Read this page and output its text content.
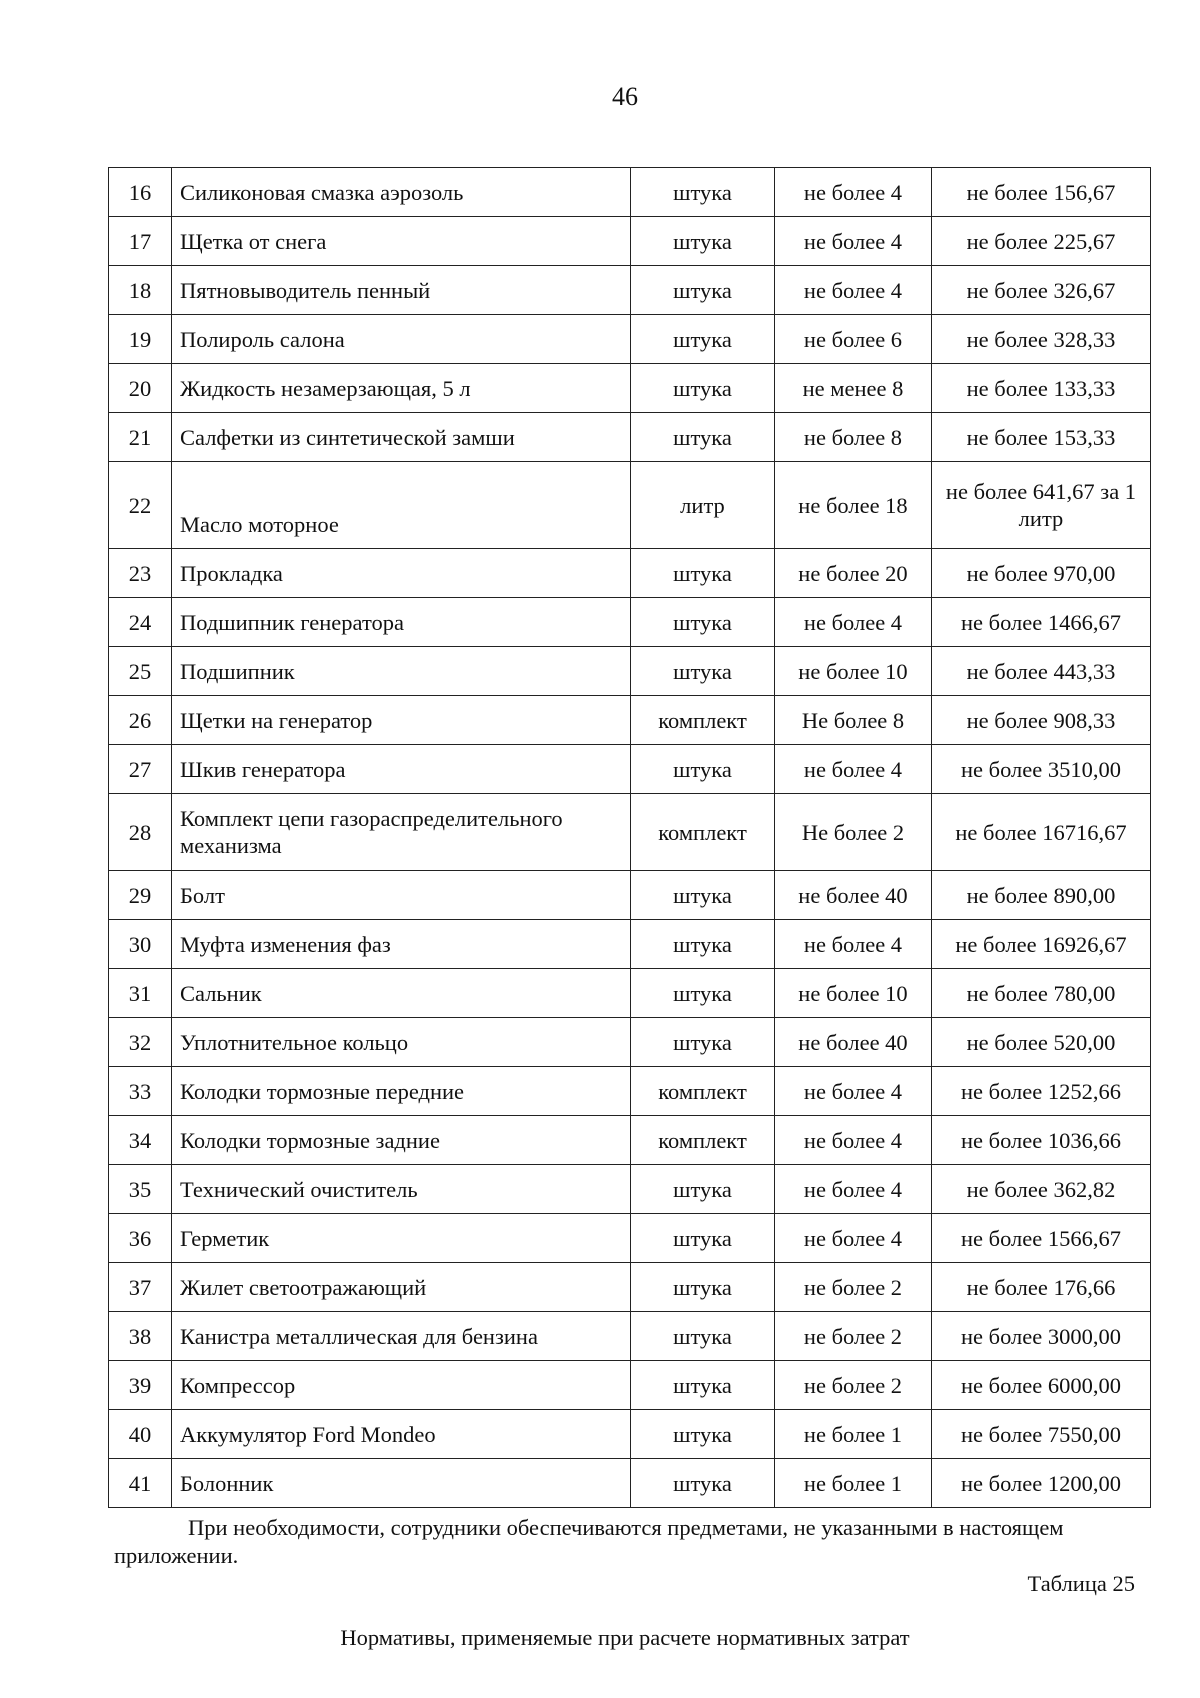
46
16	Силиконовая смазка аэрозоль	штука	не более 4	не более 156,67
17	Щетка от снега	штука	не более 4	не более 225,67
18	Пятновыводитель пенный	штука	не более 4	не более 326,67
19	Полироль салона	штука	не более 6	не более 328,33
20	Жидкость незамерзающая, 5 л	штука	не менее 8	не более 133,33
21	Салфетки из синтетической замши	штука	не более 8	не более 153,33
22	Масло моторное	литр	не более 18	не более 641,67 за 1 литр
23	Прокладка	штука	не более 20	не более 970,00
24	Подшипник генератора	штука	не более 4	не более 1466,67
25	Подшипник	штука	не более 10	не более 443,33
26	Щетки на генератор	комплект	Не более 8	не более 908,33
27	Шкив генератора	штука	не более 4	не более 3510,00
28	Комплект цепи газораспределительного механизма	комплект	Не более 2	не более 16716,67
29	Болт	штука	не более 40	не более 890,00
30	Муфта изменения фаз	штука	не более 4	не более 16926,67
31	Сальник	штука	не более 10	не более 780,00
32	Уплотнительное кольцо	штука	не более 40	не более 520,00
33	Колодки тормозные передние	комплект	не более 4	не более 1252,66
34	Колодки тормозные задние	комплект	не более 4	не более 1036,66
35	Технический очиститель	штука	не более 4	не более 362,82
36	Герметик	штука	не более 4	не более 1566,67
37	Жилет светоотражающий	штука	не более 2	не более 176,66
38	Канистра металлическая для бензина	штука	не более 2	не более 3000,00
39	Компрессор	штука	не более 2	не более 6000,00
40	Аккумулятор Ford Mondeo	штука	не более 1	не более 7550,00
41	Болонник	штука	не более 1	не более 1200,00
При необходимости, сотрудники обеспечиваются предметами, не указанными в настоящем приложении.
Таблица 25
Нормативы, применяемые при расчете нормативных затрат
